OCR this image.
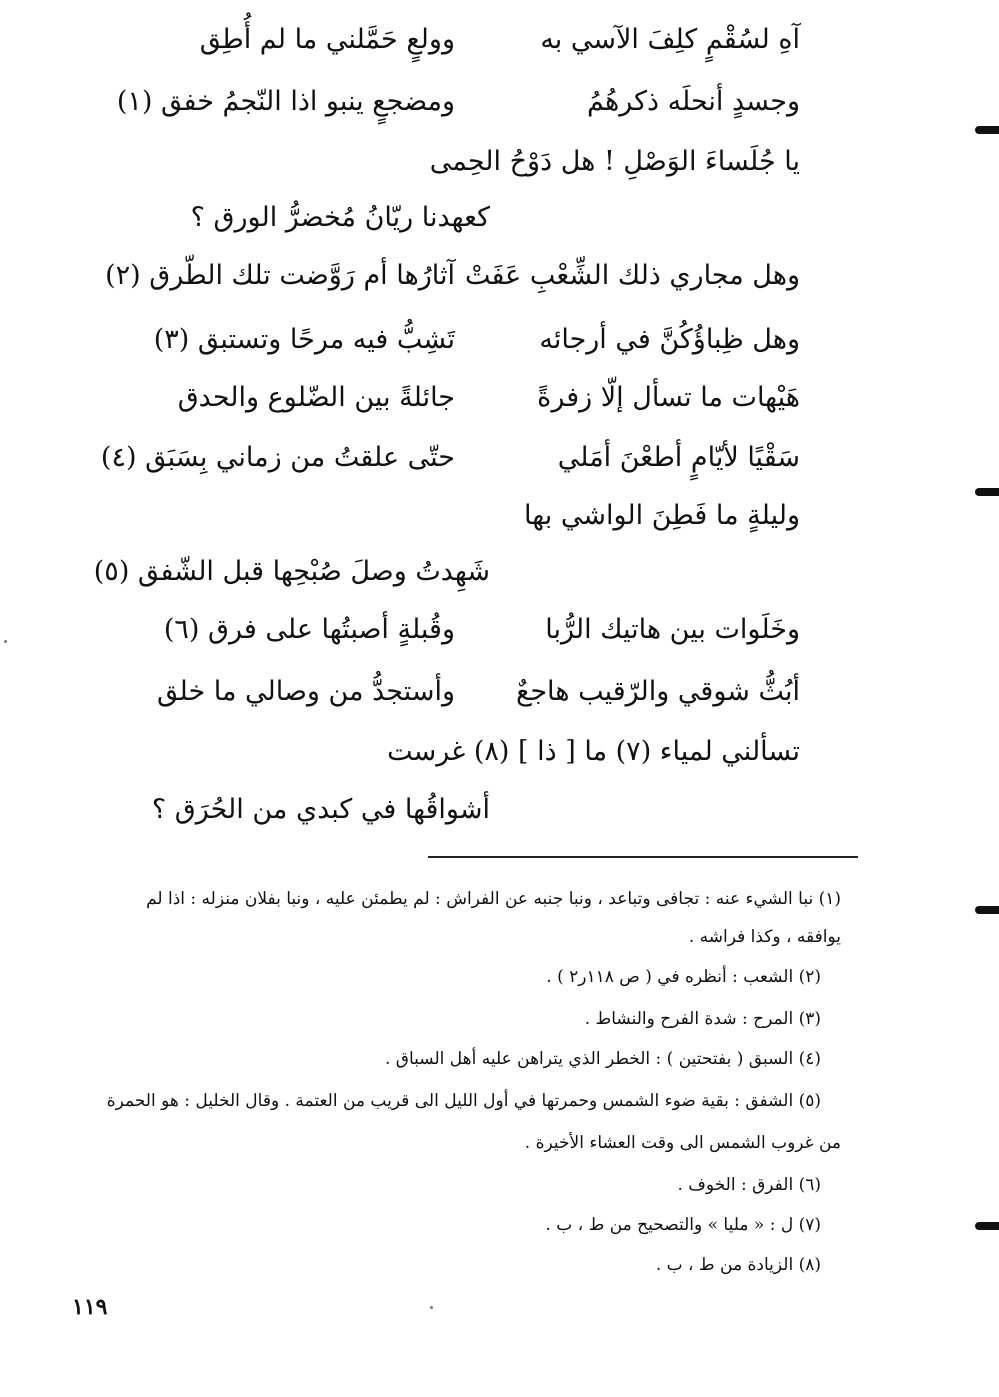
آهِ لسُقْمٍ كلِفَ الآسي به
وولعٍ حَمَّلني ما لم أُطِق
وجسدٍ أنحلَه ذكرهُمُ
ومضجعٍ ينبو اذا النّجمُ خفق (١)
يا جُلَساءَ الوَصْلِ ! هل دَوْحُ الحِمى
كعهدنا ريّانُ مُخضرُّ الورق ؟
وهل مجاري ذلك الشِّعْبِ عَفَتْ
آثارُها أم رَوَّضت تلك الطّرق (٢)
وهل ظِباؤُكُنَّ في أرجائه
تَشِبُّ فيه مرحًا وتستبق (٣)
هَيْهات ما تسأل إلّا زفرةً
جائلةً بين الضّلوع والحدق
سَقْيًا لأيّامٍ أطعْنَ أمَلي
حتّى علقتُ من زماني بِسَبَق (٤)
وليلةٍ ما فَطِنَ الواشي بها
شَهِدتُ وصلَ صُبْحِها قبل الشّفق (٥)
وخَلَوات بين هاتيك الرُّبا
وقُبلةٍ أصبتُها على فرق (٦)
أبُثُّ شوقي والرّقيب هاجعٌ
وأستجدُّ من وصالي ما خلق
تسألني لمياء (٧) ما [ ذا ] (٨) غرست
أشواقُها في كبدي من الحُرَق ؟
(١) نبا الشيء عنه : تجافى وتباعد ، ونبا جنبه عن الفراش : لم يطمئن عليه ، ونبا بفلان منزله : اذا لم
يوافقه ، وكذا فراشه .
(٢) الشعب : أنظره في ( ص ١١٨ر٢ ) .
(٣) المرح : شدة الفرح والنشاط .
(٤) السبق ( بفتحتين ) : الخطر الذي يتراهن عليه أهل السباق .
(٥) الشفق : بقية ضوء الشمس وحمرتها في أول الليل الى قريب من العتمة . وقال الخليل : هو الحمرة
من غروب الشمس الى وقت العشاء الأخيرة .
(٦) الفرق : الخوف .
(٧) ل : « مليا » والتصحيح من ط ، ب .
(٨) الزيادة من ط ، ب .
١١٩
